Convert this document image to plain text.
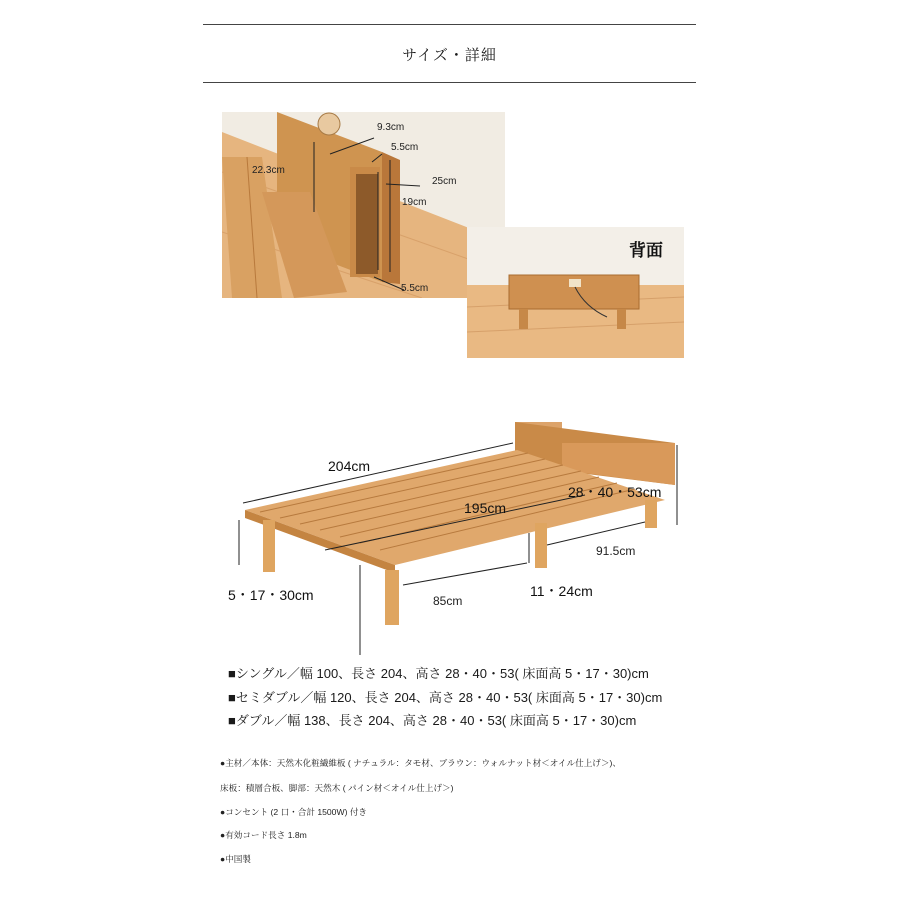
サイズ・詳細
9.3cm
5.5cm
22.3cm
25cm
19cm
5.5cm
背面
204cm
195cm
28・40・53cm
91.5cm
11・24cm
85cm
5・17・30cm
■シングル／幅 100、長さ 204、高さ 28・40・53( 床面高 5・17・30)cm
■セミダブル／幅 120、長さ 204、高さ 28・40・53( 床面高 5・17・30)cm
■ダブル／幅 138、長さ 204、高さ 28・40・53( 床面高 5・17・30)cm
●主材／本体：天然木化粧繊維板 ( ナチュラル：タモ材、ブラウン：ウォルナット材＜オイル仕上げ＞)、
床板：積層合板、脚部：天然木 ( パイン材＜オイル仕上げ＞)
●コンセント (2 口・合計 1500W) 付き
●有効コード長さ 1.8m
●中国製
